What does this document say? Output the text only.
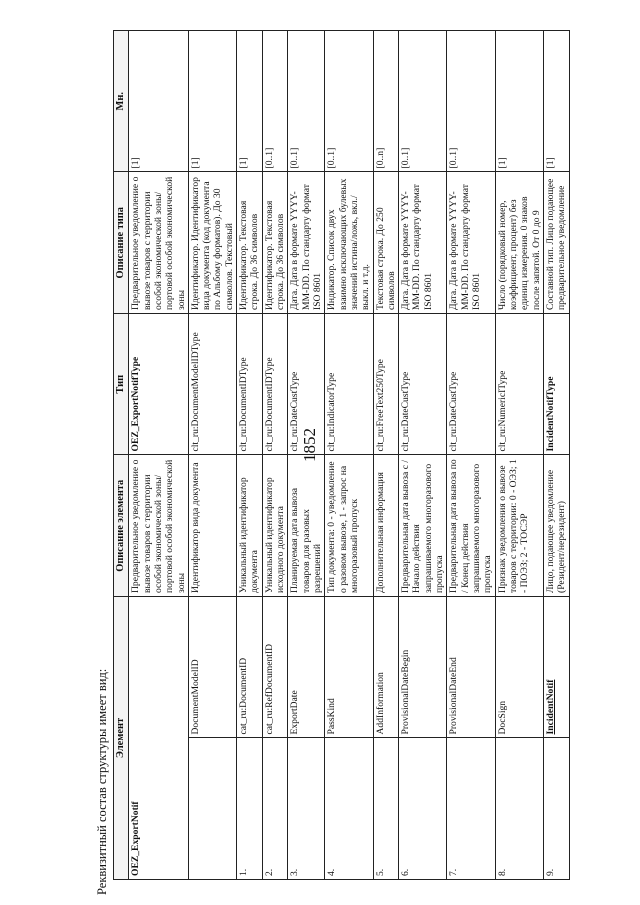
1852
Реквизитный состав структуры имеет вид: Элемент		Описание элемента	Тип	Описание типа	Мн.
OEZ_ExportNotif		Предварительное уведомление о вывозе товаров с территории особой экономической зоны/портовой особой экономической зоны	OEZ_ExportNotifType	Предварительное уведомление о вывозе товаров с территории особой экономической зоны/портовой особой экономической зоны	[1]
	DocumentModelID	Идентификатор вида документа	clt_ru:DocumentModelIDType	Идентификатор. Идентификатор вида документа (код документа по Альбому форматов). До 30 символов. Текстовый	[1]
1.	cat_ru:DocumentID	Уникальный идентификатор документа	clt_ru:DocumentIDType	Идентификатор. Текстовая строка. До 36 символов	[1]
2.	cat_ru:RefDocumentID	Уникальный идентификатор исходного документа	clt_ru:DocumentIDType	Идентификатор. Текстовая строка. До 36 символов	[0..1]
3.	ExportDate	Планируемая дата вывоза товаров для разовых разрешений	clt_ru:DateCustType	Дата. Дата в формате YYYY-MM-DD. По стандарту формат ISO 8601	[0..1]
4.	PassKind	Тип документа: 0 - уведомление о разовом вывозе, 1 - запрос на многоразовый пропуск	clt_ru:IndicatorType	Индикатор. Список двух взаимно исключающих булевых значений истина/ложь, вкл./выкл. и т.д.	[0..1]
5.	AddInformation	Дополнительная информация	clt_ru:FreeText250Type	Текстовая строка. До 250 символов	[0..n]
6.	ProvisionalDateBegin	Предварительная дата вывоза с / Начало действия запрашиваемого многоразового пропуска	clt_ru:DateCustType	Дата. Дата в формате YYYY-MM-DD. По стандарту формат ISO 8601	[0..1]
7.	ProvisionalDateEnd	Предварительная дата вывоза по / Конец действия запрашиваемого многоразового пропуска	clt_ru:DateCustType	Дата. Дата в формате YYYY-MM-DD. По стандарту формат ISO 8601	[0..1]
8.	DocSign	Признак уведомления о вывозе товаров с территории: 0 - ОЭЗ; 1 - ПОЭЗ; 2 - ТОСЭР	clt_ru:NumericIType	Число (порядковый номер, коэффициент, процент) без единиц измерения. 0 знаков после запятой. От 0 до 9	[1]
9.	IncidentNotif	Лицо, подающее уведомление (Резидент/нерезидент)	IncidentNotifType	Составной тип. Лицо подающее предварительное уведомление	[1]
